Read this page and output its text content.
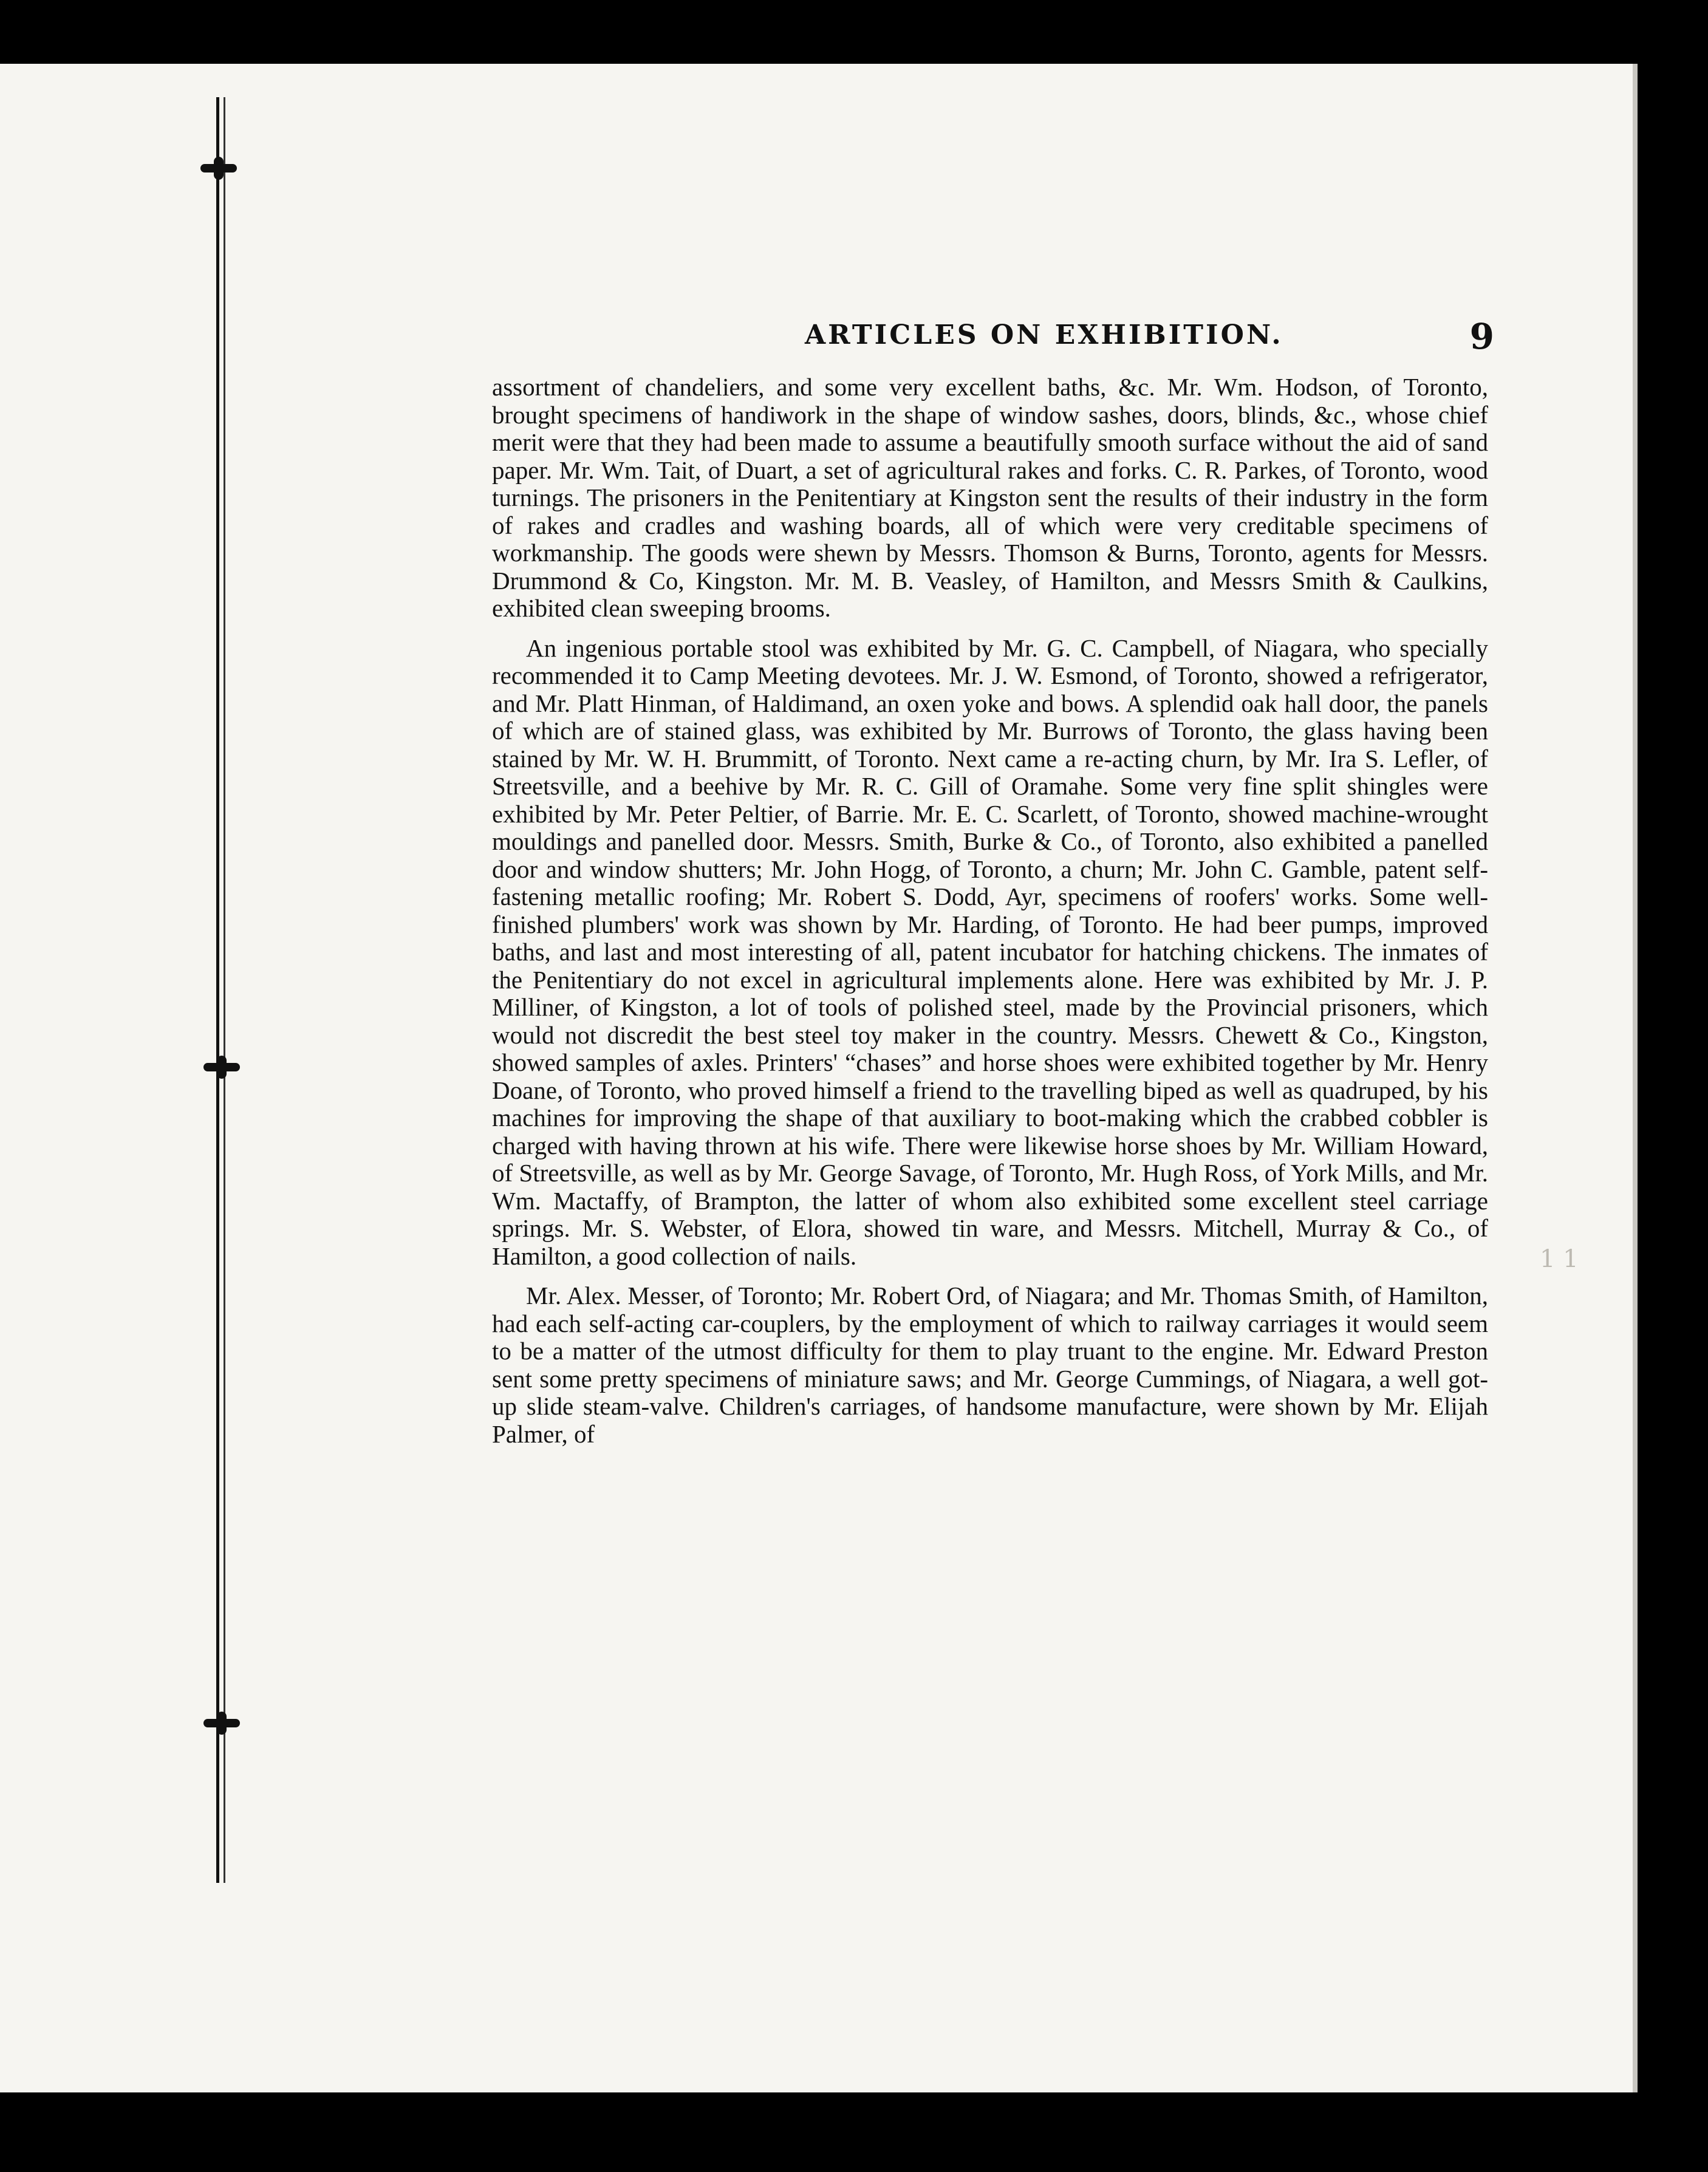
ARTICLES ON EXHIBITION.	9

assortment of chandeliers, and some very excellent baths, &c. Mr. Wm. Hodson, of Toronto, brought specimens of handiwork in the shape of window sashes, doors, blinds, &c., whose chief merit were that they had been made to assume a beautifully smooth surface without the aid of sand paper. Mr. Wm. Tait, of Duart, a set of agricultural rakes and forks. C. R. Parkes, of Toronto, wood turnings. The prisoners in the Penitentiary at Kingston sent the results of their industry in the form of rakes and cradles and washing boards, all of which were very creditable specimens of workmanship. The goods were shewn by Messrs. Thomson & Burns, Toronto, agents for Messrs. Drummond & Co, Kingston. Mr. M. B. Veasley, of Hamilton, and Messrs Smith & Caulkins, exhibited clean sweeping brooms.

An ingenious portable stool was exhibited by Mr. G. C. Campbell, of Niagara, who specially recommended it to Camp Meeting devotees. Mr. J. W. Esmond, of Toronto, showed a refrigerator, and Mr. Platt Hinman, of Haldimand, an oxen yoke and bows. A splendid oak hall door, the panels of which are of stained glass, was exhibited by Mr. Burrows of Toronto, the glass having been stained by Mr. W. H. Brummitt, of Toronto. Next came a re-acting churn, by Mr. Ira S. Lefler, of Streetsville, and a beehive by Mr. R. C. Gill of Oramahe. Some very fine split shingles were exhibited by Mr. Peter Peltier, of Barrie. Mr. E. C. Scarlett, of Toronto, showed machine-wrought mouldings and panelled door. Messrs. Smith, Burke & Co., of Toronto, also exhibited a panelled door and window shutters; Mr. John Hogg, of Toronto, a churn; Mr. John C. Gamble, patent self-fastening metallic roofing; Mr. Robert S. Dodd, Ayr, specimens of roofers' works. Some well-finished plumbers' work was shown by Mr. Harding, of Toronto. He had beer pumps, improved baths, and last and most interesting of all, patent incubator for hatching chickens. The inmates of the Penitentiary do not excel in agricultural implements alone. Here was exhibited by Mr. J. P. Milliner, of Kingston, a lot of tools of polished steel, made by the Provincial prisoners, which would not discredit the best steel toy maker in the country. Messrs. Chewett & Co., Kingston, showed samples of axles. Printers' “chases” and horse shoes were exhibited together by Mr. Henry Doane, of Toronto, who proved himself a friend to the travelling biped as well as quadruped, by his machines for improving the shape of that auxiliary to boot-making which the crabbed cobbler is charged with having thrown at his wife. There were likewise horse shoes by Mr. William Howard, of Streetsville, as well as by Mr. George Savage, of Toronto, Mr. Hugh Ross, of York Mills, and Mr. Wm. Mactaffy, of Brampton, the latter of whom also exhibited some excellent steel carriage springs. Mr. S. Webster, of Elora, showed tin ware, and Messrs. Mitchell, Murray & Co., of Hamilton, a good collection of nails.

Mr. Alex. Messer, of Toronto; Mr. Robert Ord, of Niagara; and Mr. Thomas Smith, of Hamilton, had each self-acting car-couplers, by the employment of which to railway carriages it would seem to be a matter of the utmost difficulty for them to play truant to the engine. Mr. Edward Preston sent some pretty specimens of miniature saws; and Mr. George Cummings, of Niagara, a well got-up slide steam-valve. Children's carriages, of handsome manufacture, were shown by Mr. Elijah Palmer, of

1 1
